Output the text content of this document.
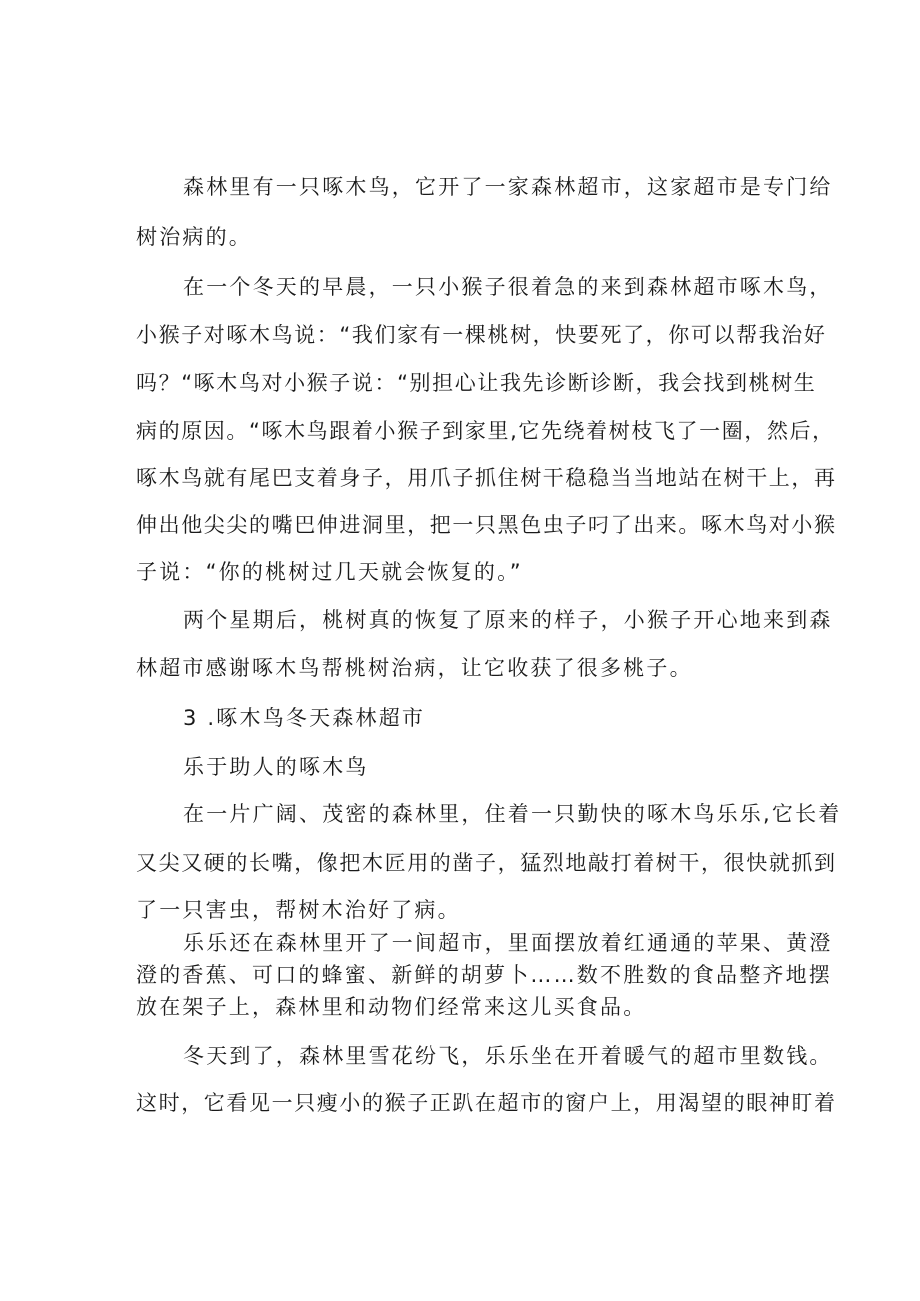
森林里有一只啄木鸟，它开了一家森林超市，这家超市是专门给
树治病的。
在一个冬天的早晨，一只小猴子很着急的来到森林超市啄木鸟，
小猴子对啄木鸟说：“我们家有一棵桃树，快要死了，你可以帮我治好
吗？“啄木鸟对小猴子说：“别担心让我先诊断诊断，我会找到桃树生
病的原因。“啄木鸟跟着小猴子到家里,它先绕着树枝飞了一圈，然后，
啄木鸟就有尾巴支着身子，用爪子抓住树干稳稳当当地站在树干上，再
伸出他尖尖的嘴巴伸进洞里，把一只黑色虫子叼了出来。啄木鸟对小猴
子说：“你的桃树过几天就会恢复的。”
两个星期后，桃树真的恢复了原来的样子，小猴子开心地来到森
林超市感谢啄木鸟帮桃树治病，让它收获了很多桃子。
3 .啄木鸟冬天森林超市
乐于助人的啄木鸟
在一片广阔、茂密的森林里，住着一只勤快的啄木鸟乐乐,它长着
又尖又硬的长嘴，像把木匠用的凿子，猛烈地敲打着树干，很快就抓到
了一只害虫，帮树木治好了病。
乐乐还在森林里开了一间超市，里面摆放着红通通的苹果、黄澄
澄的香蕉、可口的蜂蜜、新鲜的胡萝卜……数不胜数的食品整齐地摆
放在架子上，森林里和动物们经常来这儿买食品。
冬天到了，森林里雪花纷飞，乐乐坐在开着暖气的超市里数钱。
这时，它看见一只瘦小的猴子正趴在超市的窗户上，用渴望的眼神盯着
